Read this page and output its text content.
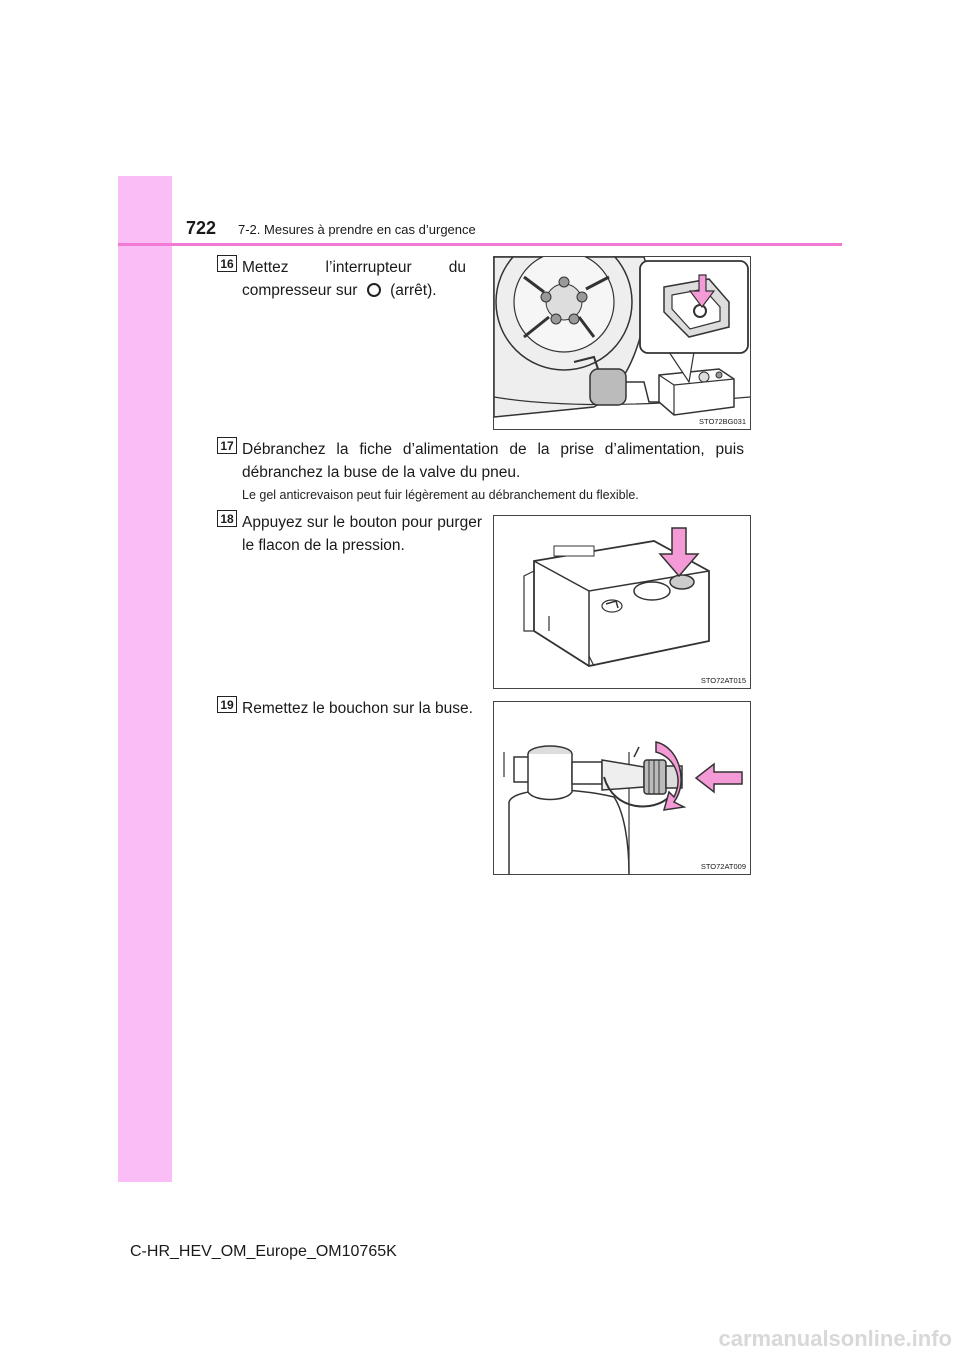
722 7-2. Mesures à prendre en cas d’urgence
16 Mettez l’interrupteur du
compresseur sur (arrêt).
STO72BG031
17 Débranchez la fiche d’alimentation de la prise d’alimentation, puis
débranchez la buse de la valve du pneu.
Le gel anticrevaison peut fuir légèrement au débranchement du flexible.
18 Appuyez sur le bouton pour purger
le flacon de la pression.
STO72AT015
19 Remettez le bouchon sur la buse.
STO72AT009
C-HR_HEV_OM_Europe_OM10765K
carmanualsonline.info
